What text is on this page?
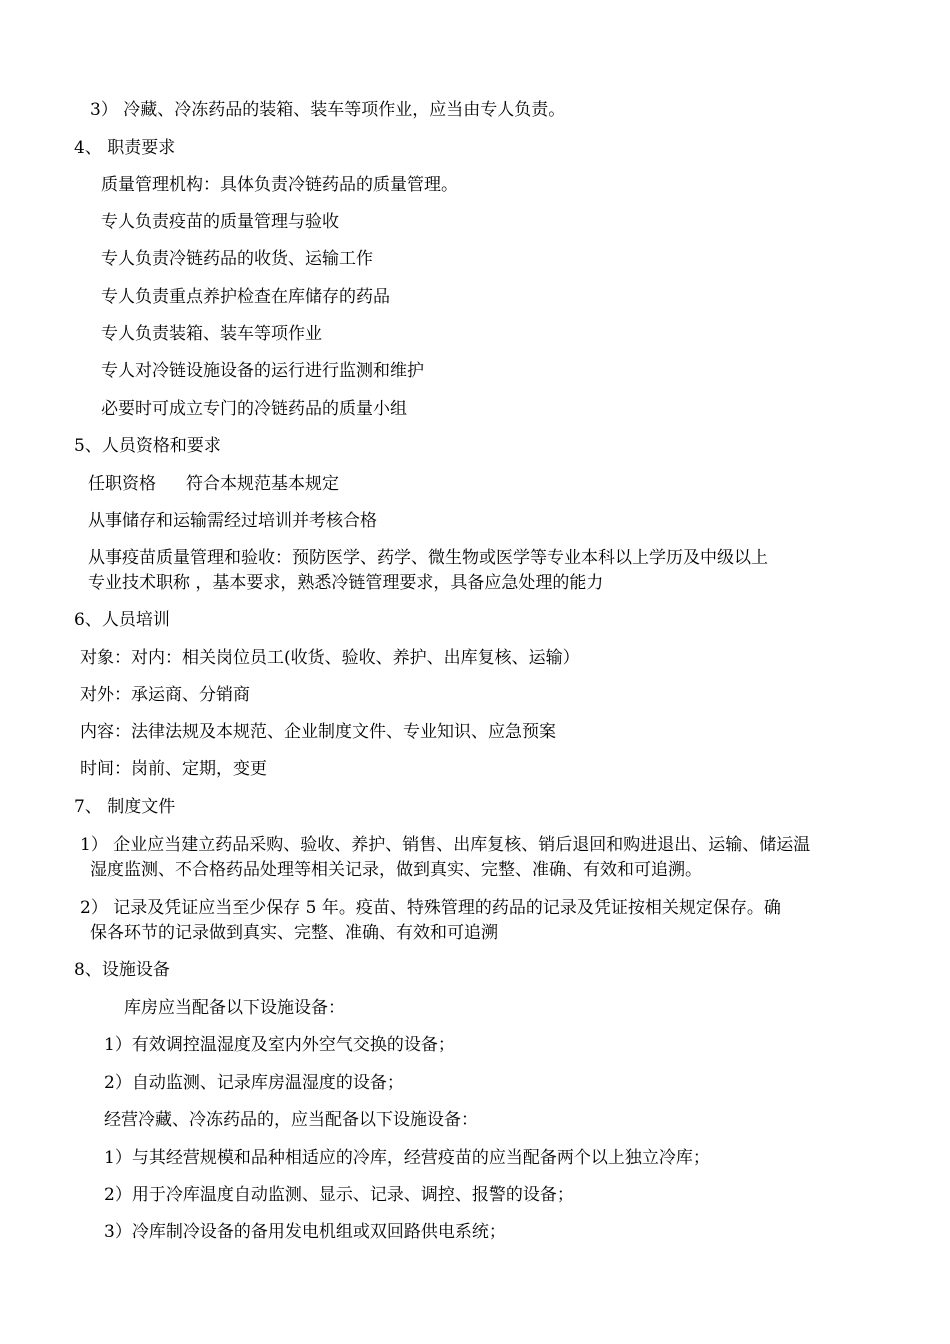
3） 冷藏、冷冻药品的装箱、装车等项作业，应当由专人负责。

4、 职责要求

质量管理机构：具体负责冷链药品的质量管理。

专人负责疫苗的质量管理与验收

专人负责冷链药品的收货、运输工作

专人负责重点养护检查在库储存的药品

专人负责装箱、装车等项作业

专人对冷链设施设备的运行进行监测和维护

必要时可成立专门的冷链药品的质量小组

5、人员资格和要求

任职资格 符合本规范基本规定

从事储存和运输需经过培训并考核合格

从事疫苗质量管理和验收：预防医学、药学、微生物或医学等专业本科以上学历及中级以上

专业技术职称 ，基本要求，熟悉冷链管理要求，具备应急处理的能力

6、人员培训

对象：对内：相关岗位员工(收货、验收、养护、出库复核、运输）

对外：承运商、分销商

内容：法律法规及本规范、企业制度文件、专业知识、应急预案

时间：岗前、定期，变更

7、 制度文件

1） 企业应当建立药品采购、验收、养护、销售、出库复核、销后退回和购进退出、运输、储运温

湿度监测、不合格药品处理等相关记录，做到真实、完整、准确、有效和可追溯。

2） 记录及凭证应当至少保存 5 年。疫苗、特殊管理的药品的记录及凭证按相关规定保存。确

保各环节的记录做到真实、完整、准确、有效和可追溯

8、设施设备

库房应当配备以下设施设备：

1）有效调控温湿度及室内外空气交换的设备；

2）自动监测、记录库房温湿度的设备；

经营冷藏、冷冻药品的，应当配备以下设施设备：

1）与其经营规模和品种相适应的冷库，经营疫苗的应当配备两个以上独立冷库；

2）用于冷库温度自动监测、显示、记录、调控、报警的设备；

3）冷库制冷设备的备用发电机组或双回路供电系统；
